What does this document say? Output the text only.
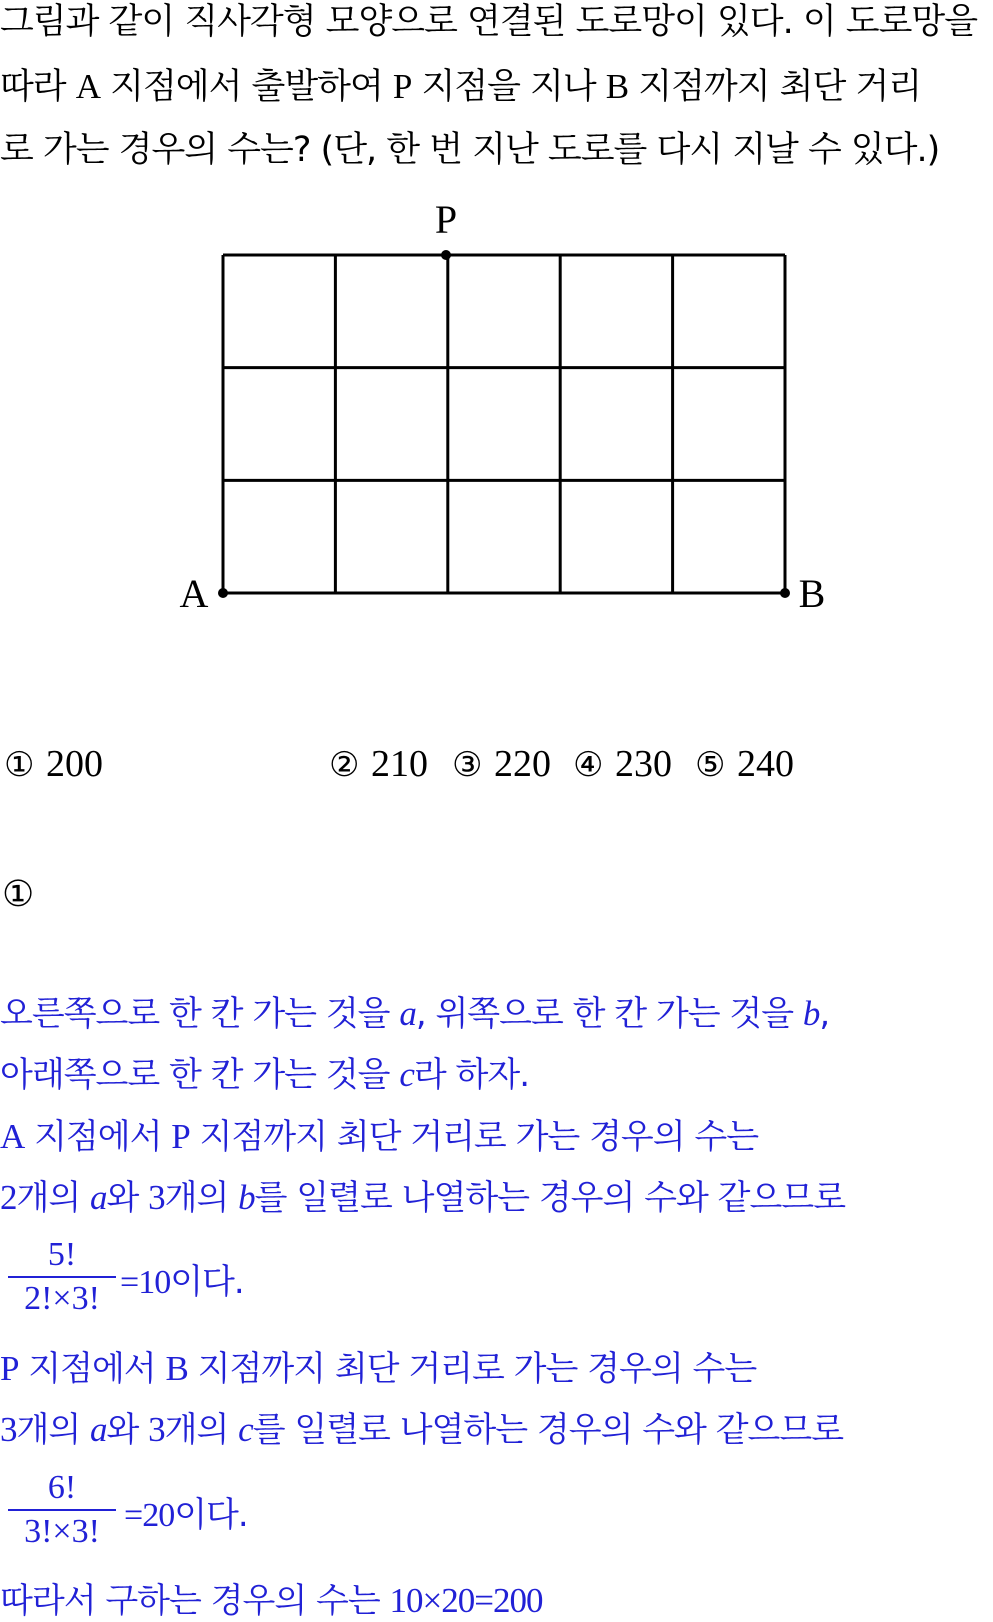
그림과 같이 직사각형 모양으로 연결된 도로망이 있다. 이 도로망을
따라 A 지점에서 출발하여 P 지점을 지나 B 지점까지 최단 거리
로 가는 경우의 수는? (단, 한 번 지난 도로를 다시 지날 수 있다.)
P
A	B
① 200	② 210 ③ 220 ④ 230 ⑤ 240
①
오른쪽으로 한 칸 가는 것을 a, 위쪽으로 한 칸 가는 것을 b,
아래쪽으로 한 칸 가는 것을 c라 하자.
A 지점에서 P 지점까지 최단 거리로 가는 경우의 수는
2개의 a와 3개의 b를 일렬로 나열하는 경우의 수와 같으므로
5!
2!×3! =10이다.
P 지점에서 B 지점까지 최단 거리로 가는 경우의 수는
3개의 a와 3개의 c를 일렬로 나열하는 경우의 수와 같으므로
6!
3!×3! =20이다.
따라서 구하는 경우의 수는 10×20=200
